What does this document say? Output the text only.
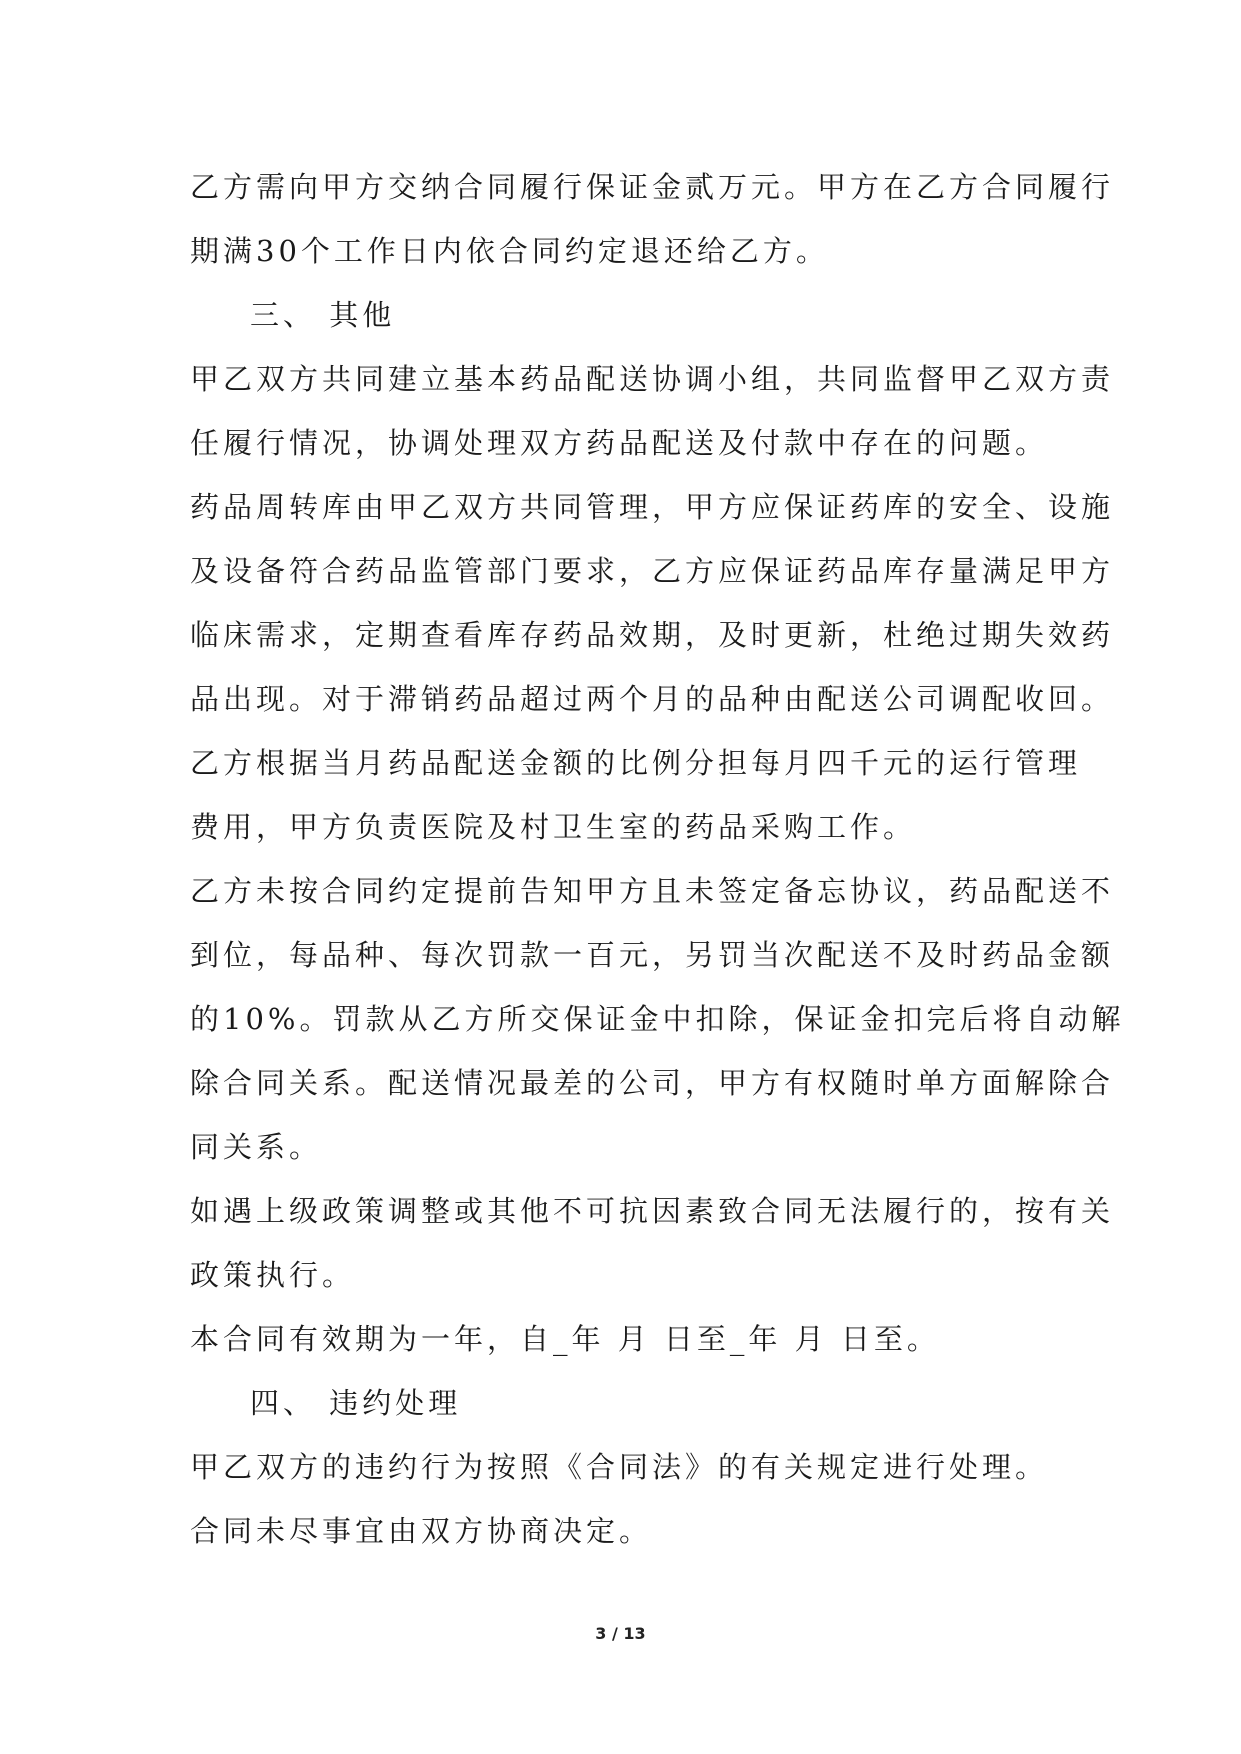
乙方需向甲方交纳合同履行保证金贰万元。甲方在乙方合同履行
期满30个工作日内依合同约定退还给乙方。
三、 其他
甲乙双方共同建立基本药品配送协调小组，共同监督甲乙双方责
任履行情况，协调处理双方药品配送及付款中存在的问题。
药品周转库由甲乙双方共同管理，甲方应保证药库的安全、设施
及设备符合药品监管部门要求，乙方应保证药品库存量满足甲方
临床需求，定期查看库存药品效期，及时更新，杜绝过期失效药
品出现。对于滞销药品超过两个月的品种由配送公司调配收回。
乙方根据当月药品配送金额的比例分担每月四千元的运行管理
费用，甲方负责医院及村卫生室的药品采购工作。
乙方未按合同约定提前告知甲方且未签定备忘协议，药品配送不
到位，每品种、每次罚款一百元，另罚当次配送不及时药品金额
的10%。罚款从乙方所交保证金中扣除，保证金扣完后将自动解
除合同关系。配送情况最差的公司，甲方有权随时单方面解除合
同关系。
如遇上级政策调整或其他不可抗因素致合同无法履行的，按有关
政策执行。
本合同有效期为一年，自_年 月 日至_年 月 日至。
四、 违约处理
甲乙双方的违约行为按照《合同法》的有关规定进行处理。
合同未尽事宜由双方协商决定。
3 / 13
